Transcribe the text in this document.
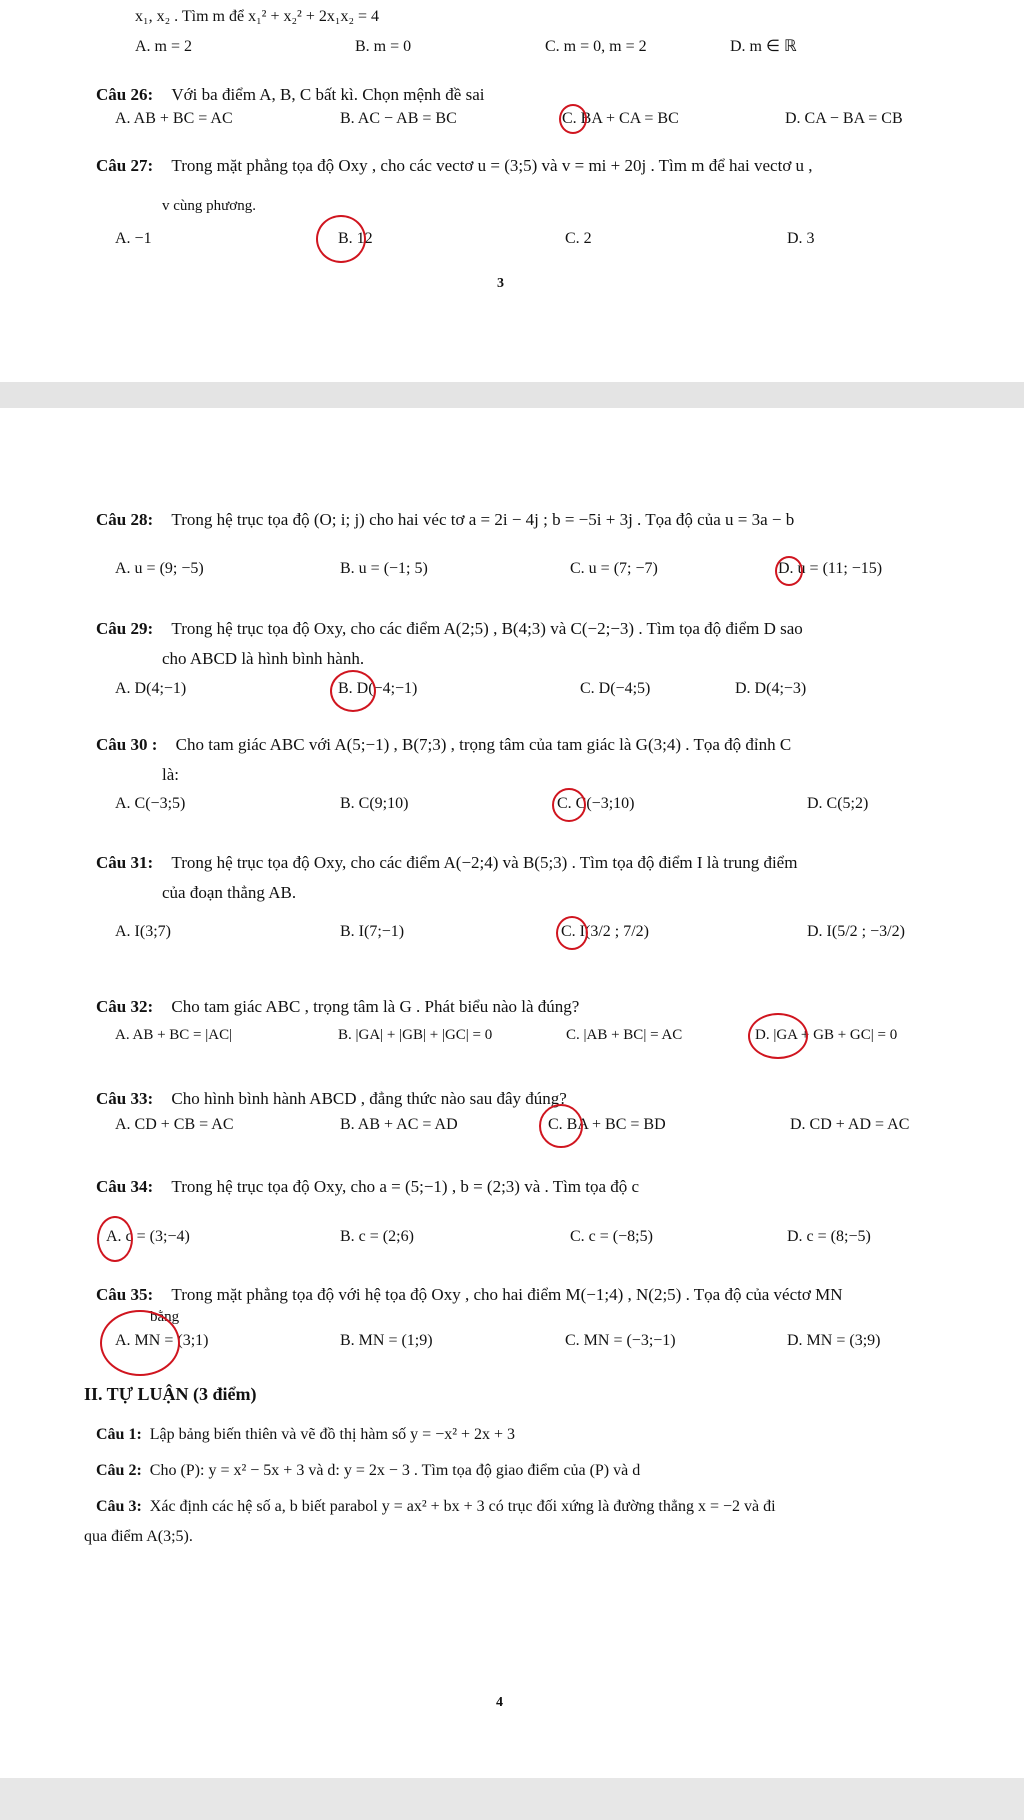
x₁, x₂ . Tìm m để x₁² + x₂² + 2x₁x₂ = 4
A. m = 2	B. m = 0	C. m = 0, m = 2	D. m ∈ ℝ
Câu 26: Với ba điểm A, B, C bất kì. Chọn mệnh đề sai
A. AB + BC = AC	B. AC − AB = BC	C. BA + CA = BC	D. CA − BA = CB
Câu 27: Trong mặt phẳng tọa độ Oxy , cho các vectơ u = (3;5) và v = mi + 20j . Tìm m để hai vectơ u ,
v cùng phương.
A. −1	B. 12	C. 2	D. 3
3
Câu 28: Trong hệ trục tọa độ (O; i; j) cho hai véc tơ a = 2i − 4j ; b = −5i + 3j . Tọa độ của u = 3a − b
A. u = (9; −5)	B. u = (−1; 5)	C. u = (7; −7)	D. u = (11; −15)
Câu 29: Trong hệ trục tọa độ Oxy, cho các điểm A(2;5) , B(4;3) và C(−2;−3) . Tìm tọa độ điểm D sao
cho ABCD là hình bình hành.
A. D(4;−1)	B. D(−4;−1)	C. D(−4;5)	D. D(4;−3)
Câu 30 : Cho tam giác ABC với A(5;−1) , B(7;3) , trọng tâm của tam giác là G(3;4) . Tọa độ đỉnh C
là:
A. C(−3;5)	B. C(9;10)	C. C(−3;10)	D. C(5;2)
Câu 31: Trong hệ trục tọa độ Oxy, cho các điểm A(−2;4) và B(5;3) . Tìm tọa độ điểm I là trung điểm
của đoạn thẳng AB.
A. I(3;7)	B. I(7;−1)	C. I(3/2 ; 7/2)	D. I(5/2 ; −3/2)
Câu 32: Cho tam giác ABC , trọng tâm là G . Phát biểu nào là đúng?
A. AB + BC = |AC|	B. |GA| + |GB| + |GC| = 0	C. |AB + BC| = AC	D. |GA + GB + GC| = 0
Câu 33: Cho hình bình hành ABCD , đẳng thức nào sau đây đúng?
A. CD + CB = AC	B. AB + AC = AD	C. BA + BC = BD	D. CD + AD = AC
Câu 34: Trong hệ trục tọa độ Oxy, cho a = (5;−1) , b = (2;3) và . Tìm tọa độ c
A. c = (3;−4)	B. c = (2;6)	C. c = (−8;5)	D. c = (8;−5)
Câu 35: Trong mặt phẳng tọa độ với hệ tọa độ Oxy , cho hai điểm M(−1;4) , N(2;5) . Tọa độ của véctơ MN
bằng
A. MN = (3;1)	B. MN = (1;9)	C. MN = (−3;−1)	D. MN = (3;9)
II. TỰ LUẬN (3 điểm)
Câu 1: Lập bảng biến thiên và vẽ đồ thị hàm số y = −x² + 2x + 3
Câu 2: Cho (P): y = x² − 5x + 3 và d: y = 2x − 3 . Tìm tọa độ giao điểm của (P) và d
Câu 3: Xác định các hệ số a, b biết parabol y = ax² + bx + 3 có trục đối xứng là đường thẳng x = −2 và đi
qua điểm A(3;5).
4
